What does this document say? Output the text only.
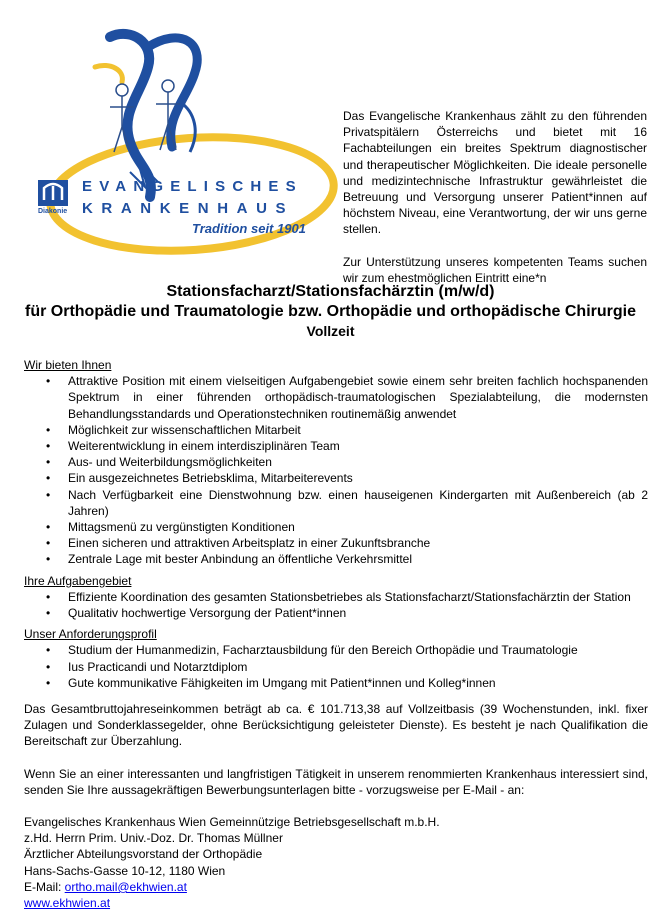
Diakonie
EVANGELISCHES
KRANKENHAUS
Tradition seit 1901

Das Evangelische Krankenhaus zählt zu den führenden Privatspitälern Österreichs und bietet mit 16 Fachabteilungen ein breites Spektrum diagnostischer und therapeutischer Möglichkeiten. Die ideale personelle und medizintechnische Infrastruktur gewährleistet die Betreuung und Versorgung unserer Patient*innen auf höchstem Niveau, eine Verantwortung, der wir uns gerne stellen.

Zur Unterstützung unseres kompetenten Teams suchen wir zum ehestmöglichen Eintritt eine*n

Stationsfacharzt/Stationsfachärztin (m/w/d)
für Orthopädie und Traumatologie bzw. Orthopädie und orthopädische Chirurgie
Vollzeit

Wir bieten Ihnen

• Attraktive Position mit einem vielseitigen Aufgabengebiet sowie einem sehr breiten fachlich hochspanenden Spektrum in einer führenden orthopädisch-traumatologischen Spezialabteilung, die modernsten Behandlungsstandards und Operationstechniken routinemäßig anwendet
• Möglichkeit zur wissenschaftlichen Mitarbeit
• Weiterentwicklung in einem interdisziplinären Team
• Aus- und Weiterbildungsmöglichkeiten
• Ein ausgezeichnetes Betriebsklima, Mitarbeiterevents
• Nach Verfügbarkeit eine Dienstwohnung bzw. einen hauseigenen Kindergarten mit Außenbereich (ab 2 Jahren)
• Mittagsmenü zu vergünstigten Konditionen
• Einen sicheren und attraktiven Arbeitsplatz in einer Zukunftsbranche
• Zentrale Lage mit bester Anbindung an öffentliche Verkehrsmittel

Ihre Aufgabengebiet

• Effiziente Koordination des gesamten Stationsbetriebes als Stationsfacharzt/Stationsfachärztin der Station
• Qualitativ hochwertige Versorgung der Patient*innen

Unser Anforderungsprofil

• Studium der Humanmedizin, Facharztausbildung für den Bereich Orthopädie und Traumatologie
• Ius Practicandi und Notarztdiplom
• Gute kommunikative Fähigkeiten im Umgang mit Patient*innen und Kolleg*innen

Das Gesamtbruttojahreseinkommen beträgt ab ca. € 101.713,38 auf Vollzeitbasis (39 Wochenstunden, inkl. fixer Zulagen und Sonderklassegelder, ohne Berücksichtigung geleisteter Dienste). Es besteht je nach Qualifikation die Bereitschaft zur Überzahlung.

Wenn Sie an einer interessanten und langfristigen Tätigkeit in unserem renommierten Krankenhaus interessiert sind, senden Sie Ihre aussagekräftigen Bewerbungsunterlagen bitte - vorzugsweise per E-Mail - an:

Evangelisches Krankenhaus Wien Gemeinnützige Betriebsgesellschaft m.b.H.
z.Hd. Herrn Prim. Univ.-Doz. Dr. Thomas Müllner
Ärztlicher Abteilungsvorstand der Orthopädie
Hans-Sachs-Gasse 10-12, 1180 Wien
E-Mail: ortho.mail@ekhwien.at
www.ekhwien.at
